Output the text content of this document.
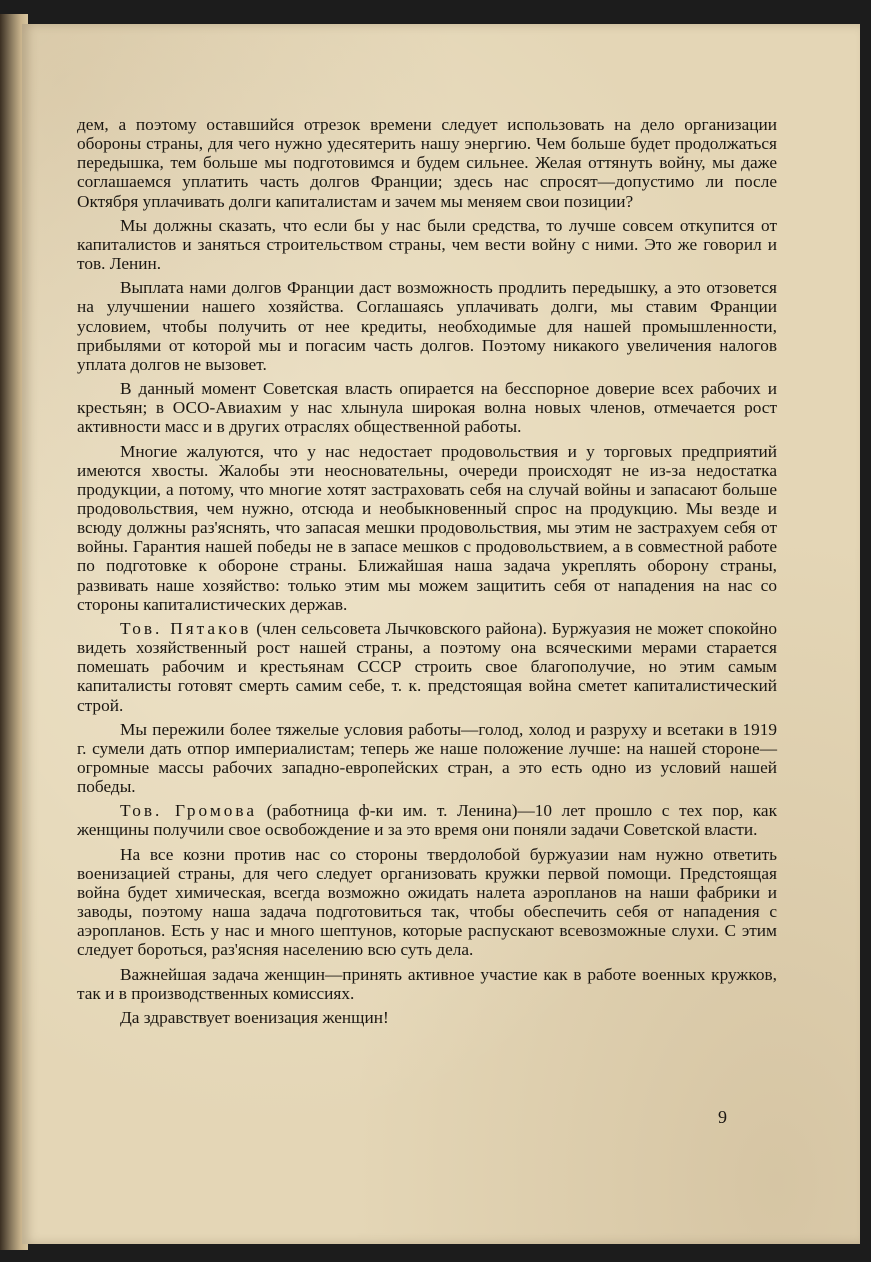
дем, а поэтому оставшийся отрезок времени следует использовать на дело организации обороны страны, для чего нужно удесятерить нашу энергию. Чем больше будет продолжаться передышка, тем больше мы подготовимся и будем сильнее. Желая оттянуть войну, мы даже соглашаемся уплатить часть долгов Франции; здесь нас спросят—допустимо ли после Октября уплачивать долги капиталистам и зачем мы меняем свои позиции?

Мы должны сказать, что если бы у нас были средства, то лучше совсем откупится от капиталистов и заняться строительством страны, чем вести войну с ними. Это же говорил и тов. Ленин.

Выплата нами долгов Франции даст возможность продлить передышку, а это отзовется на улучшении нашего хозяйства. Соглашаясь уплачивать долги, мы ставим Франции условием, чтобы получить от нее кредиты, необходимые для нашей промышленности, прибылями от которой мы и погасим часть долгов. Поэтому никакого увеличения налогов уплата долгов не вызовет.

В данный момент Советская власть опирается на бесспорное доверие всех рабочих и крестьян; в ОСО-Авиахим у нас хлынула широкая волна новых членов, отмечается рост активности масс и в других отраслях общественной работы.

Многие жалуются, что у нас недостает продовольствия и у торговых предприятий имеются хвосты. Жалобы эти неосновательны, очереди происходят не из-за недостатка продукции, а потому, что многие хотят застраховать себя на случай войны и запасают больше продовольствия, чем нужно, отсюда и необыкновенный спрос на продукцию. Мы везде и всюду должны раз'яснять, что запасая мешки продовольствия, мы этим не застрахуем себя от войны. Гарантия нашей победы не в запасе мешков с продовольствием, а в совместной работе по подготовке к обороне страны. Ближайшая наша задача укреплять оборону страны, развивать наше хозяйство: только этим мы можем защитить себя от нападения на нас со стороны капиталистических держав.

Тов. Пятаков (член сельсовета Лычковского района). Буржуазия не может спокойно видеть хозяйственный рост нашей страны, а поэтому она всяческими мерами старается помешать рабочим и крестьянам СССР строить свое благополучие, но этим самым капиталисты готовят смерть самим себе, т. к. предстоящая война сметет капиталистический строй.

Мы пережили более тяжелые условия работы—голод, холод и разруху и всетаки в 1919 г. сумели дать отпор империалистам; теперь же наше положение лучше: на нашей стороне—огромные массы рабочих западно-европейских стран, а это есть одно из условий нашей победы.

Тов. Громова (работница ф-ки им. т. Ленина)—10 лет прошло с тех пор, как женщины получили свое освобождение и за это время они поняли задачи Советской власти.

На все козни против нас со стороны твердолобой буржуазии нам нужно ответить военизацией страны, для чего следует организовать кружки первой помощи. Предстоящая война будет химическая, всегда возможно ожидать налета аэропланов на наши фабрики и заводы, поэтому наша задача подготовиться так, чтобы обеспечить себя от нападения с аэропланов. Есть у нас и много шептунов, которые распускают всевозможные слухи. С этим следует бороться, раз'ясняя населению всю суть дела.

Важнейшая задача женщин—принять активное участие как в работе военных кружков, так и в производственных комиссиях.

Да здравствует военизация женщин!

9
